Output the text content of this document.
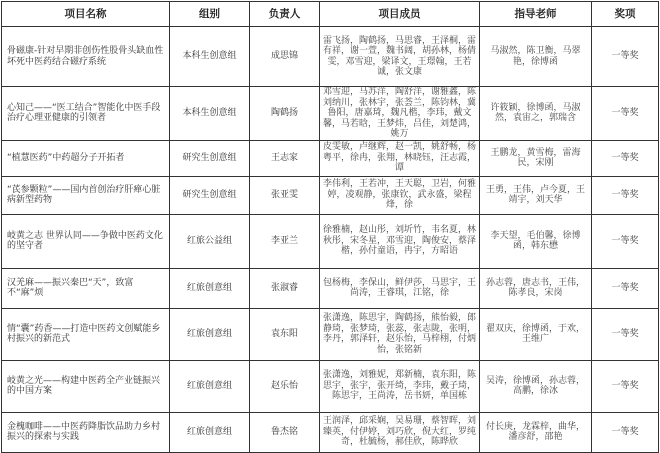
项目名称	组别	负责人	项目成员	指导老师	奖项
骨磁康-针对早期非创伤性股骨头缺血性坏死中医药结合磁疗系统	本科生创意组	成思锦	雷飞扬，陶鹤扬，马思睿，王泽桐，雷有祥，谢一萱，魏书阔，胡孙林，杨倩雯，邓雪迎，梁译文，王璟翰，王若诚，张文康	马淑然，陈卫衡，马翠艳，徐博函	一等奖
心知己——“医工结合”智能化中医手段治疗心理亚健康的引领者	本科生创意组	陶鹤扬	邓雪迎，马苏洋，陶舒洋，谢雅鑫，陈刘纳川，张林宇，张荟兰，陈钧林，冀鲁阳，唐嘉琦，魏凡楷，李玮，戴文馨，马若晗，王梦炜，吕佳，刘楚鸿，姚万	许筱颖，徐博函，马淑然，袁宙之，郭瑞含	一等奖
“植慧医药”中药超分子开拓者	研究生创意组	王志家	皮雯敏，卢继辉，赵一凯，姚舒畅，杨粤平，徐冉，张翔，林晓钰，汪志霞，谭	王鹏龙，黄雪梅，雷海民，宋刚	一等奖
“芪参颗粒”——国内首创治疗肝瘅心脏病新型药物	研究生创意组	张亚雯	李伟利，王若冲，王天聪，卫岩，何雅婷，凌观静，张康钦，武永盛，梁程烽，徐	王勇，王伟，卢今夏，王靖宇，刘天华	一等奖
岐黄之志 世界认同——争做中医药文化的坚守者	红旅公益组	李亚兰	徐雅楠，赵山彤，刘圻竹，韦名夏，林秋彤，宋冬星，邓雪迎，陶俊安，蔡泽楷，孙付童语，冉宇，方昭语	李天望，毛伯馨，徐博函，韩东懋	一等奖
汉羌麻——振兴秦巴“天”，致富不“麻”烦	红旅创意组	张淑睿	包杨梅，李保山，鲜伊莎，马思宇，王尚涛，王睿琪，江铭，徐	孙志蓉，唐志书，王伟，陈孝良，宋岗	一等奖
情“囊”药香——打造中医药文创赋能乡村振兴的新范式	红旅创意组	袁东阳	张潇逸，陈思宇，陶鹤扬，熊怡毅，郎静琦，张梦琦，张蕊，张志陇，张明，李丹，郭泽轩，赵乐怡，马梓栩，付炳怡，张铭新	翟双庆，徐博函，于欢，王维广	一等奖
岐黄之光——构建中医药全产业链振兴的中国方案	红旅创意组	赵乐怡	张潇逸，刘雅妮，郑新楠，袁东阳，陈思宇，张宇，张开绮，李玮，戴子琦，陈思宇，王尚涛，岳书妍，单国栋	吴涛，徐博函，孙志蓉，高鹏，徐冰	一等奖
金槐咖啡——中医药降脂饮品助力乡村振兴的探索与实践	红旅创意组	鲁杰铭	王润泽，邱采娴，吴易珊，蔡智晖，刘臻英，付伊婷，刘巧欣，倪大红，罗纯奇，杜毓杨，郝佳欣，陈晔欣	付长庚，龙霖梓，曲华，潘彦舒，邵艳	一等奖
